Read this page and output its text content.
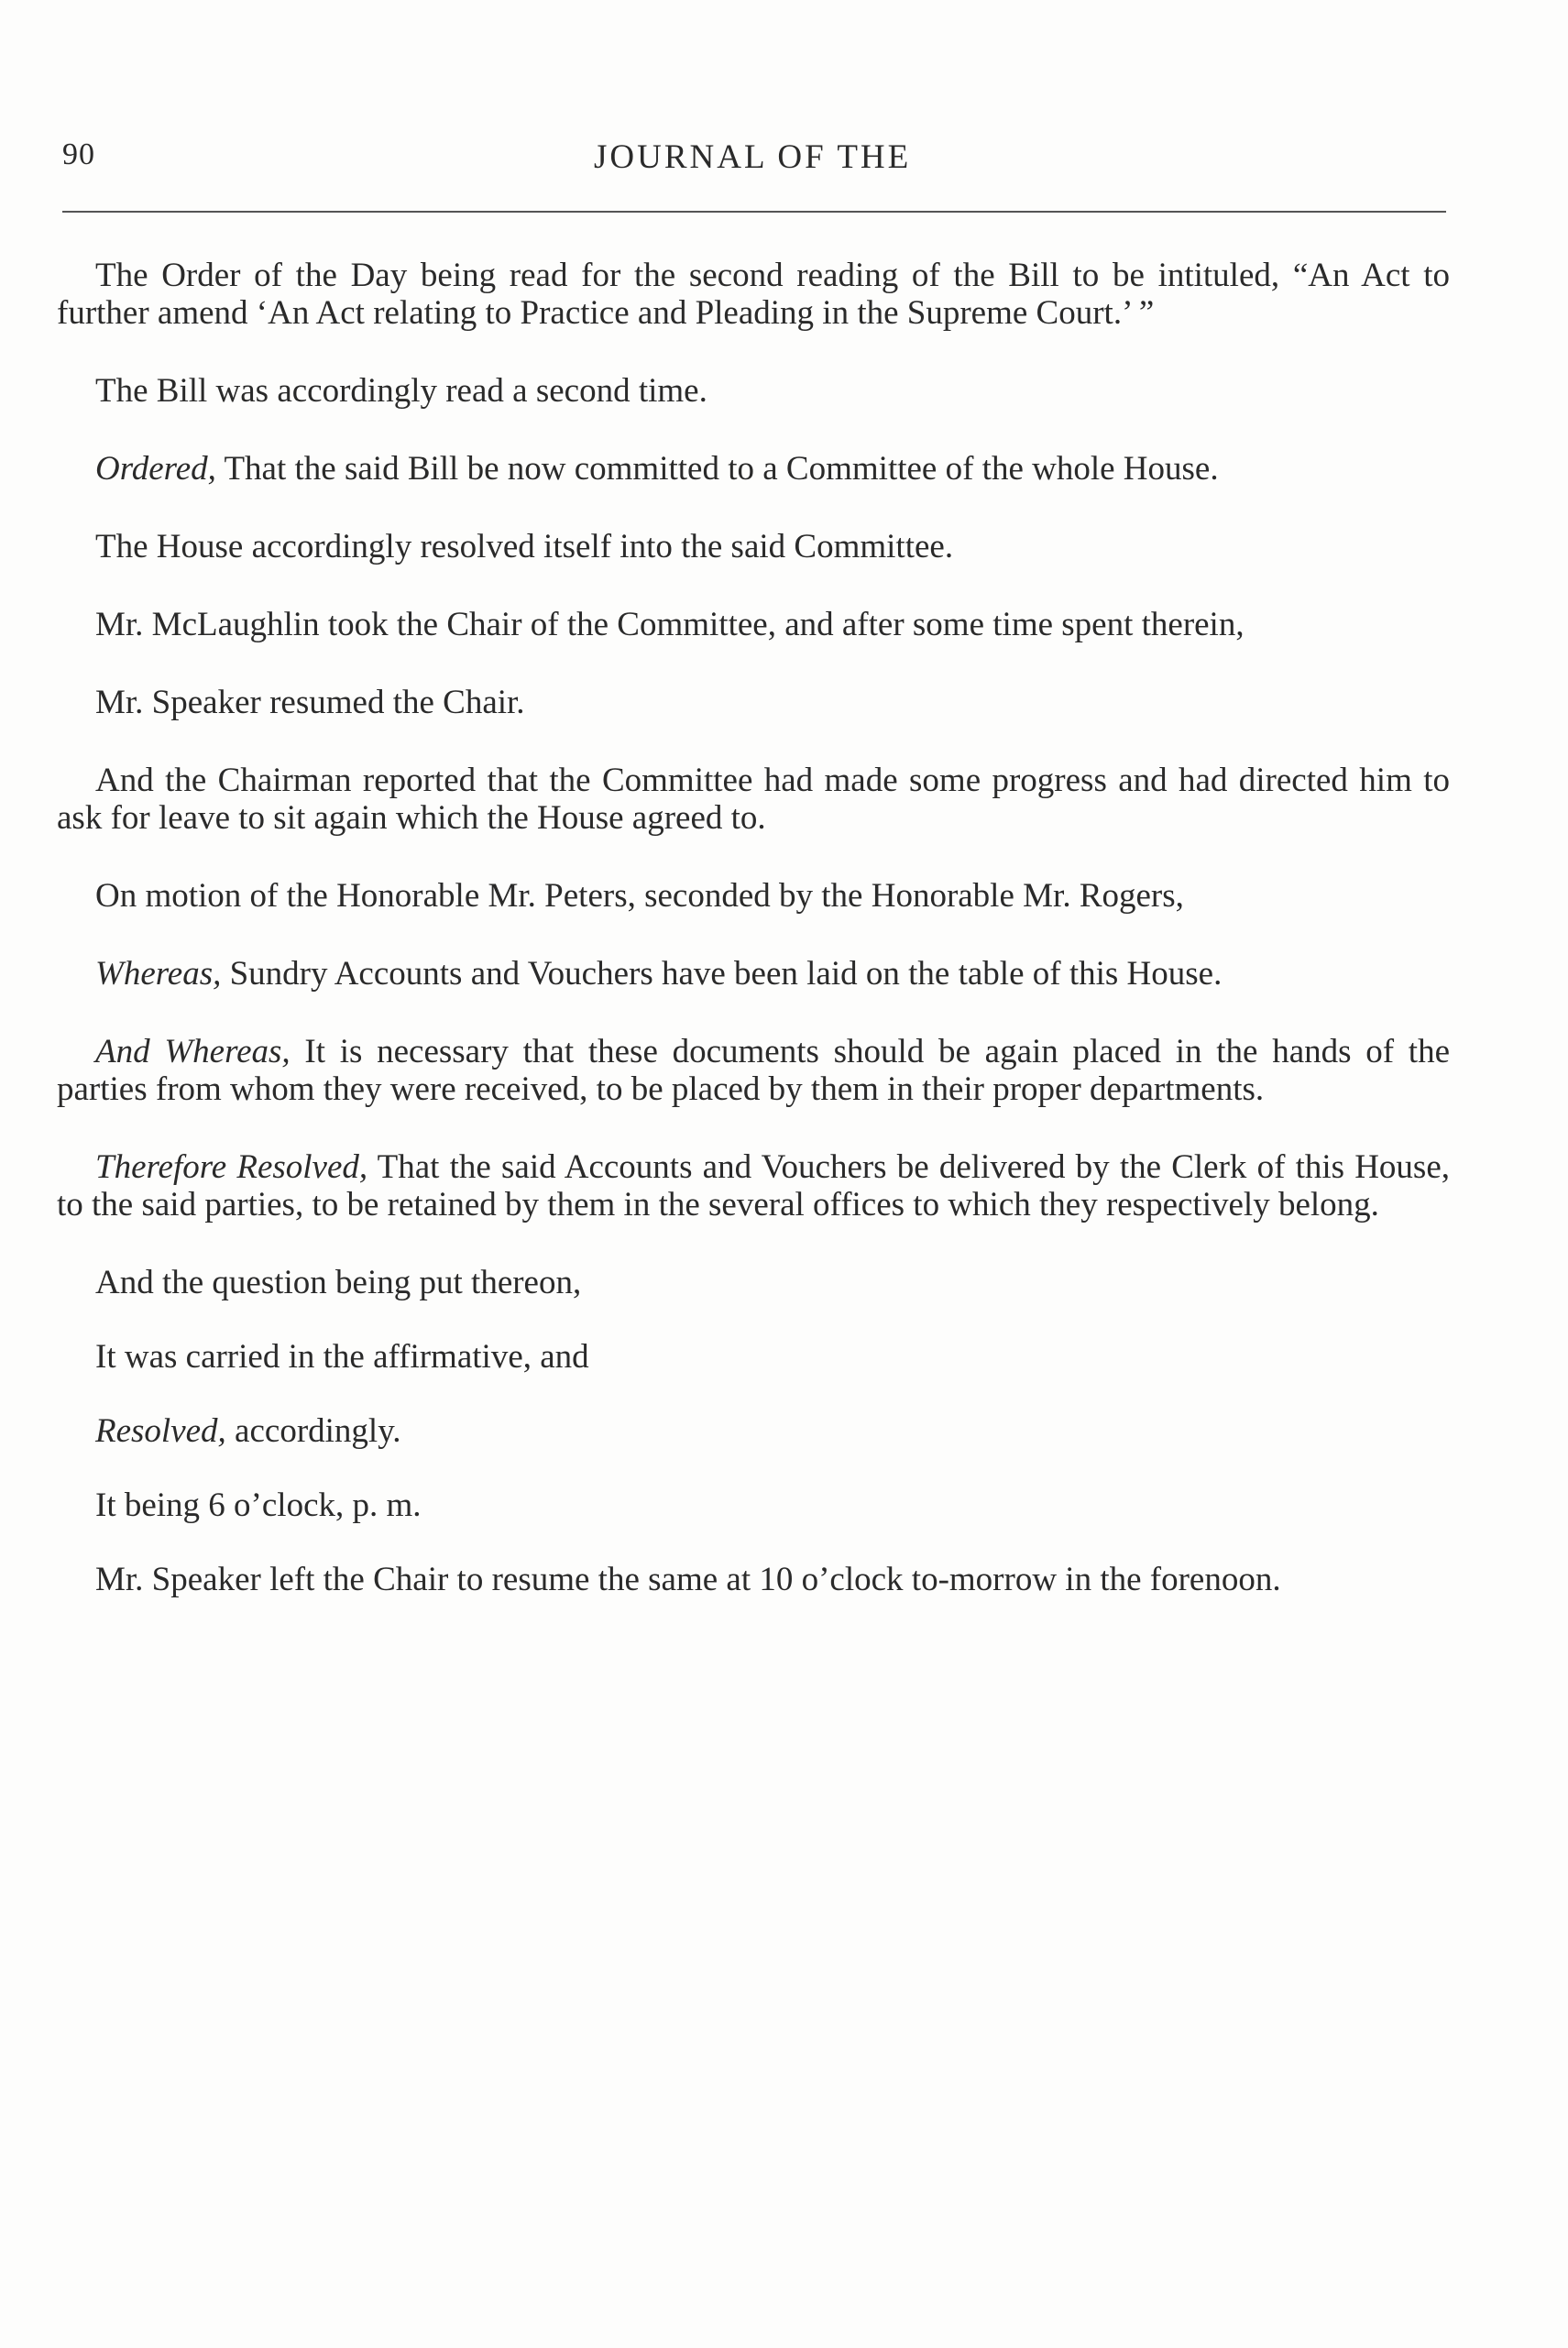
90	JOURNAL OF THE

The Order of the Day being read for the second reading of the Bill to be intituled, “An Act to further amend ‘An Act relating to Practice and Pleading in the Supreme Court.’ ”

The Bill was accordingly read a second time.

Ordered, That the said Bill be now committed to a Committee of the whole House.

The House accordingly resolved itself into the said Committee.

Mr. McLaughlin took the Chair of the Committee, and after some time spent therein,

Mr. Speaker resumed the Chair.

And the Chairman reported that the Committee had made some progress and had directed him to ask for leave to sit again which the House agreed to.

On motion of the Honorable Mr. Peters, seconded by the Honorable Mr. Rogers,

Whereas, Sundry Accounts and Vouchers have been laid on the table of this House.

And Whereas, It is necessary that these documents should be again placed in the hands of the parties from whom they were received, to be placed by them in their proper departments.

Therefore Resolved, That the said Accounts and Vouchers be delivered by the Clerk of this House, to the said parties, to be retained by them in the several offices to which they respectively belong.

And the question being put thereon,

It was carried in the affirmative, and

Resolved, accordingly.

It being 6 o’clock, p. m.

Mr. Speaker left the Chair to resume the same at 10 o’clock to-morrow in the forenoon.
